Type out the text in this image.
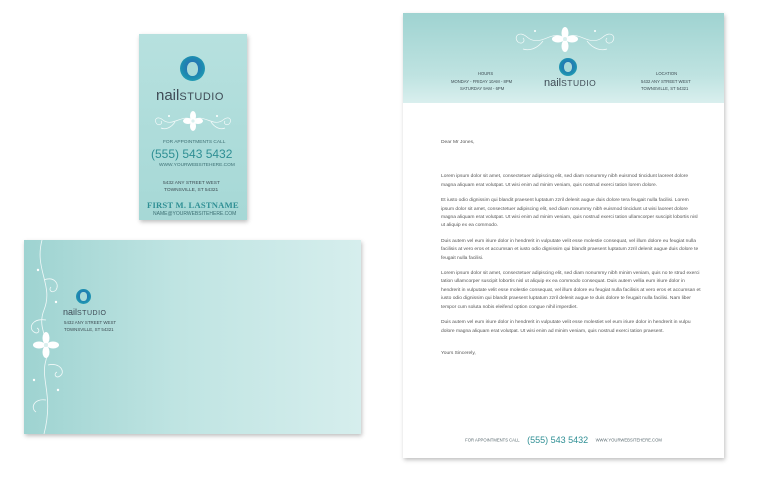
nailSTUDIO
FOR APPOINTMENTS CALL
(555) 543 5432
WWW.YOURWEBSITEHERE.COM
5432 ANY STREET WEST
TOWNSVILLE, ST 54321
FIRST M. LASTNAME
NAME@YOURWEBSITEHERE.COM
nailSTUDIO
5432 ANY STREET WEST
TOWNSVILLE, ST 54321
HOURS
MONDAY - FRIDAY 10AM - 8PM
SATURDAY 9AM - 6PM	nailSTUDIO
LOCATION
5432 ANY STREET WEST
TOWNSVILLE, ST 54321

Dear Mr Jones,

Lorem ipsum dolor sit amet, consectetuer adipiscing elit, sed diam nonummy nibh euismod tincidunt laoreet dolore magna aliquam erat volutpat. Ut wisi enim ad minim veniam, quis nostrud exerci tation lorem dolore.

Et iusto odio dignissim qui blandit praesent luptatum zzril delenit augue duis dolore tera feugait nulla facilisi. Lorem ipsum dolor sit amet, consectetuer adipiscing elit, sed diam nonummy nibh euismod tincidunt ut wisi laoreet dolore magna aliquam erat volutpat. Ut wisi enim ad minim veniam, quis nostrud exerci tation ullamcorper suscipit lobortis nisl ut aliquip ex ea commodo.

Duis autem vel eum iriure dolor in hendrerit in vulputate velit esse molestie consequat, vel illum dolore eu feugiat nulla facilisis at vero eros et accumsan et iusto odio dignissim qui blandit praesent luptatum zzril delenit augue duis dolore te feugait nulla facilisi.

Lorem ipsum dolor sit amet, consectetuer adipiscing elit, sed diam nonummy nibh minim veniam, quis no te strud exerci tation ullamcorper suscipit lobortis nisl ut aliquip ex ea commodo consequat. Duis autem vellia eum iriure dolor in hendrerit in vulputate velit esse molestie consequat, vel illum dolore eu feugiat nulla facilisis at vero eros et accumsan et iusto odio dignissim qui blandit praesent luptatum zzril delenit augue te duis dolore te feugait nulla facilisi. Nam liber tempor cum soluta nobis eleifend option congue nihil imperdiet.

Duis autem vel eum iriure dolor in hendrerit in vulputate velit esse molestiet vel eum iriure dolor in hendrerit in vulpu dolore magna aliquam erat volutpat. Ut wisi enim ad minim veniam, quis nostrud exerci tation praesent.

Yours Sincerely,

FOR APPOINTMENTS CALL (555) 543 5432 WWW.YOURWEBSITEHERE.COM
